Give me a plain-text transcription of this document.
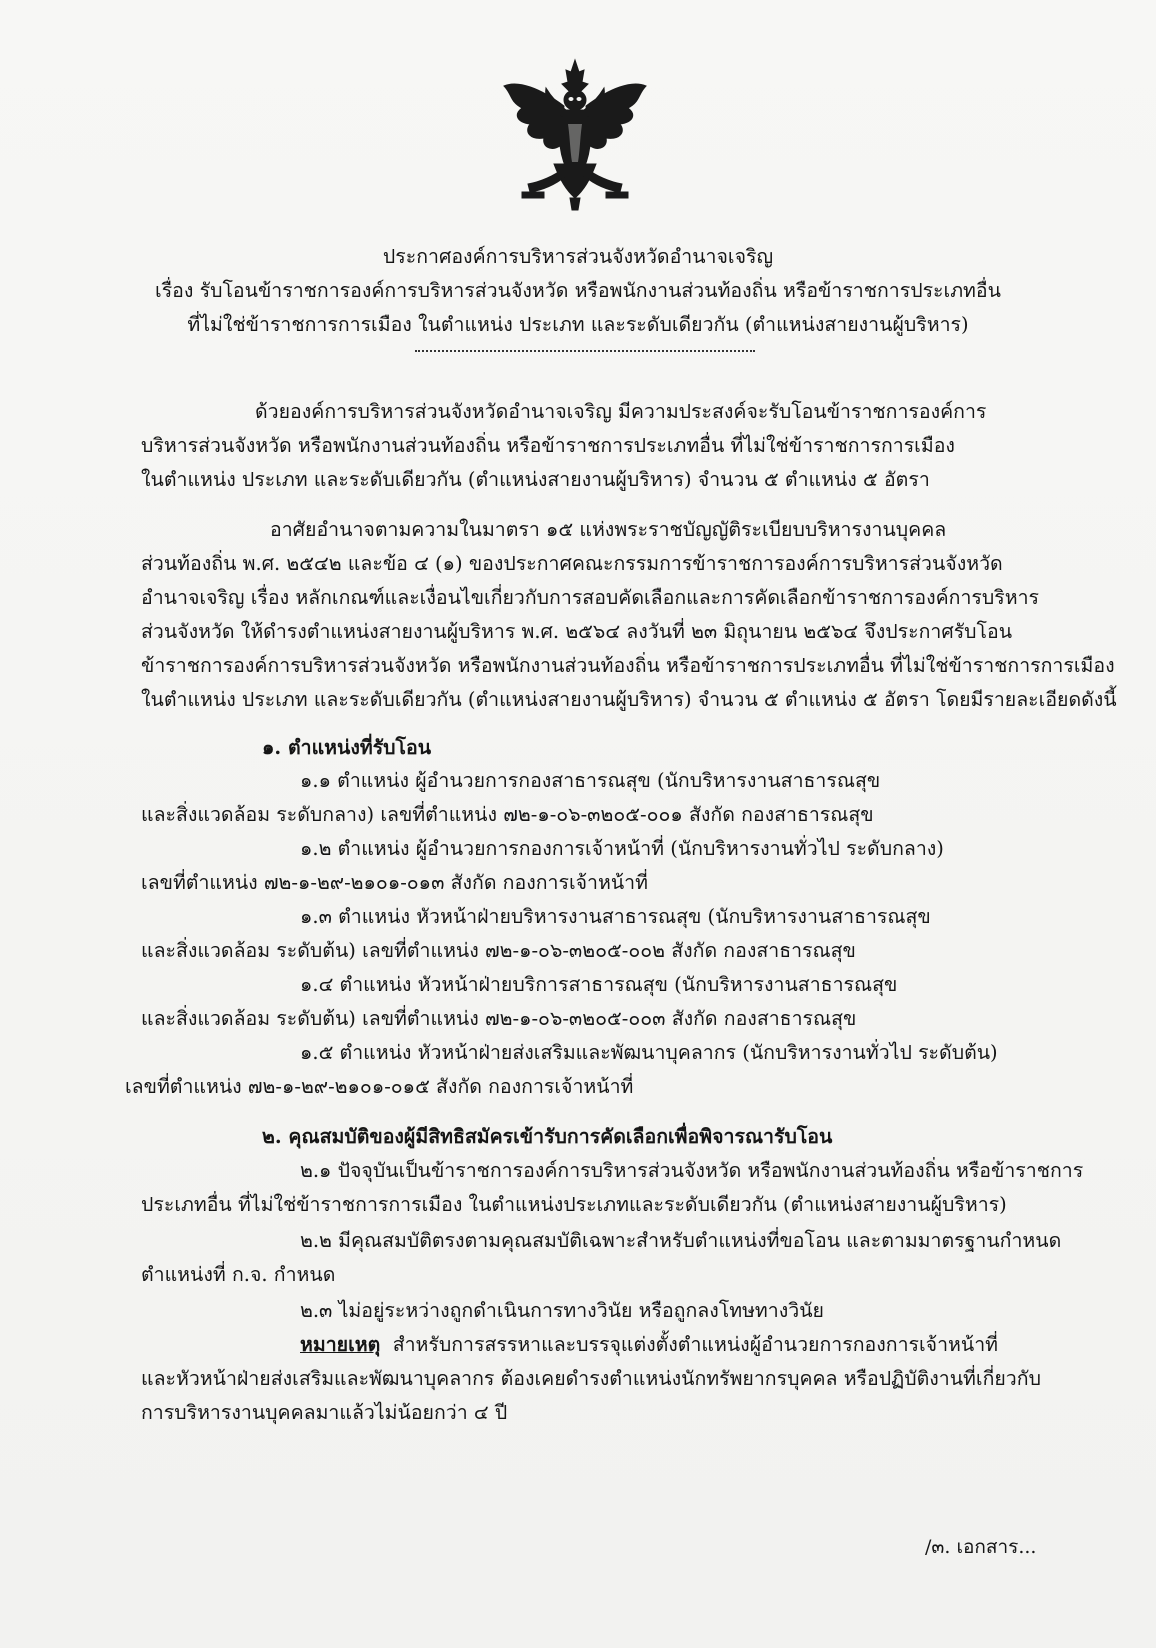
ประกาศองค์การบริหารส่วนจังหวัดอำนาจเจริญ
เรื่อง รับโอนข้าราชการองค์การบริหารส่วนจังหวัด หรือพนักงานส่วนท้องถิ่น หรือข้าราชการประเภทอื่น
ที่ไม่ใช่ข้าราชการการเมือง ในตำแหน่ง ประเภท และระดับเดียวกัน (ตำแหน่งสายงานผู้บริหาร)
ด้วยองค์การบริหารส่วนจังหวัดอำนาจเจริญ มีความประสงค์จะรับโอนข้าราชการองค์การ
บริหารส่วนจังหวัด หรือพนักงานส่วนท้องถิ่น หรือข้าราชการประเภทอื่น ที่ไม่ใช่ข้าราชการการเมือง
ในตำแหน่ง ประเภท และระดับเดียวกัน (ตำแหน่งสายงานผู้บริหาร) จำนวน ๕ ตำแหน่ง ๕ อัตรา
อาศัยอำนาจตามความในมาตรา ๑๕ แห่งพระราชบัญญัติระเบียบบริหารงานบุคคล
ส่วนท้องถิ่น พ.ศ. ๒๕๔๒ และข้อ ๔ (๑) ของประกาศคณะกรรมการข้าราชการองค์การบริหารส่วนจังหวัด
อำนาจเจริญ เรื่อง หลักเกณฑ์และเงื่อนไขเกี่ยวกับการสอบคัดเลือกและการคัดเลือกข้าราชการองค์การบริหาร
ส่วนจังหวัด ให้ดำรงตำแหน่งสายงานผู้บริหาร พ.ศ. ๒๕๖๔ ลงวันที่ ๒๓ มิถุนายน ๒๕๖๔ จึงประกาศรับโอน
ข้าราชการองค์การบริหารส่วนจังหวัด หรือพนักงานส่วนท้องถิ่น หรือข้าราชการประเภทอื่น ที่ไม่ใช่ข้าราชการการเมือง
ในตำแหน่ง ประเภท และระดับเดียวกัน (ตำแหน่งสายงานผู้บริหาร) จำนวน ๕ ตำแหน่ง ๕ อัตรา โดยมีรายละเอียดดังนี้
๑. ตำแหน่งที่รับโอน
๑.๑ ตำแหน่ง ผู้อำนวยการกองสาธารณสุข (นักบริหารงานสาธารณสุข
และสิ่งแวดล้อม ระดับกลาง) เลขที่ตำแหน่ง ๗๒-๑-๐๖-๓๒๐๕-๐๐๑ สังกัด กองสาธารณสุข
๑.๒ ตำแหน่ง ผู้อำนวยการกองการเจ้าหน้าที่ (นักบริหารงานทั่วไป ระดับกลาง)
เลขที่ตำแหน่ง ๗๒-๑-๒๙-๒๑๐๑-๐๑๓ สังกัด กองการเจ้าหน้าที่
๑.๓ ตำแหน่ง หัวหน้าฝ่ายบริหารงานสาธารณสุข (นักบริหารงานสาธารณสุข
และสิ่งแวดล้อม ระดับต้น) เลขที่ตำแหน่ง ๗๒-๑-๐๖-๓๒๐๕-๐๐๒ สังกัด กองสาธารณสุข
๑.๔ ตำแหน่ง หัวหน้าฝ่ายบริการสาธารณสุข (นักบริหารงานสาธารณสุข
และสิ่งแวดล้อม ระดับต้น) เลขที่ตำแหน่ง ๗๒-๑-๐๖-๓๒๐๕-๐๐๓ สังกัด กองสาธารณสุข
๑.๕ ตำแหน่ง หัวหน้าฝ่ายส่งเสริมและพัฒนาบุคลากร (นักบริหารงานทั่วไป ระดับต้น)
เลขที่ตำแหน่ง ๗๒-๑-๒๙-๒๑๐๑-๐๑๕ สังกัด กองการเจ้าหน้าที่
๒. คุณสมบัติของผู้มีสิทธิสมัครเข้ารับการคัดเลือกเพื่อพิจารณารับโอน
๒.๑ ปัจจุบันเป็นข้าราชการองค์การบริหารส่วนจังหวัด หรือพนักงานส่วนท้องถิ่น หรือข้าราชการ
ประเภทอื่น ที่ไม่ใช่ข้าราชการการเมือง ในตำแหน่งประเภทและระดับเดียวกัน (ตำแหน่งสายงานผู้บริหาร)
๒.๒ มีคุณสมบัติตรงตามคุณสมบัติเฉพาะสำหรับตำแหน่งที่ขอโอน และตามมาตรฐานกำหนด
ตำแหน่งที่ ก.จ. กำหนด
๒.๓ ไม่อยู่ระหว่างถูกดำเนินการทางวินัย หรือถูกลงโทษทางวินัย
หมายเหตุ สำหรับการสรรหาและบรรจุแต่งตั้งตำแหน่งผู้อำนวยการกองการเจ้าหน้าที่
และหัวหน้าฝ่ายส่งเสริมและพัฒนาบุคลากร ต้องเคยดำรงตำแหน่งนักทรัพยากรบุคคล หรือปฏิบัติงานที่เกี่ยวกับ
การบริหารงานบุคคลมาแล้วไม่น้อยกว่า ๔ ปี
/๓. เอกสาร...
